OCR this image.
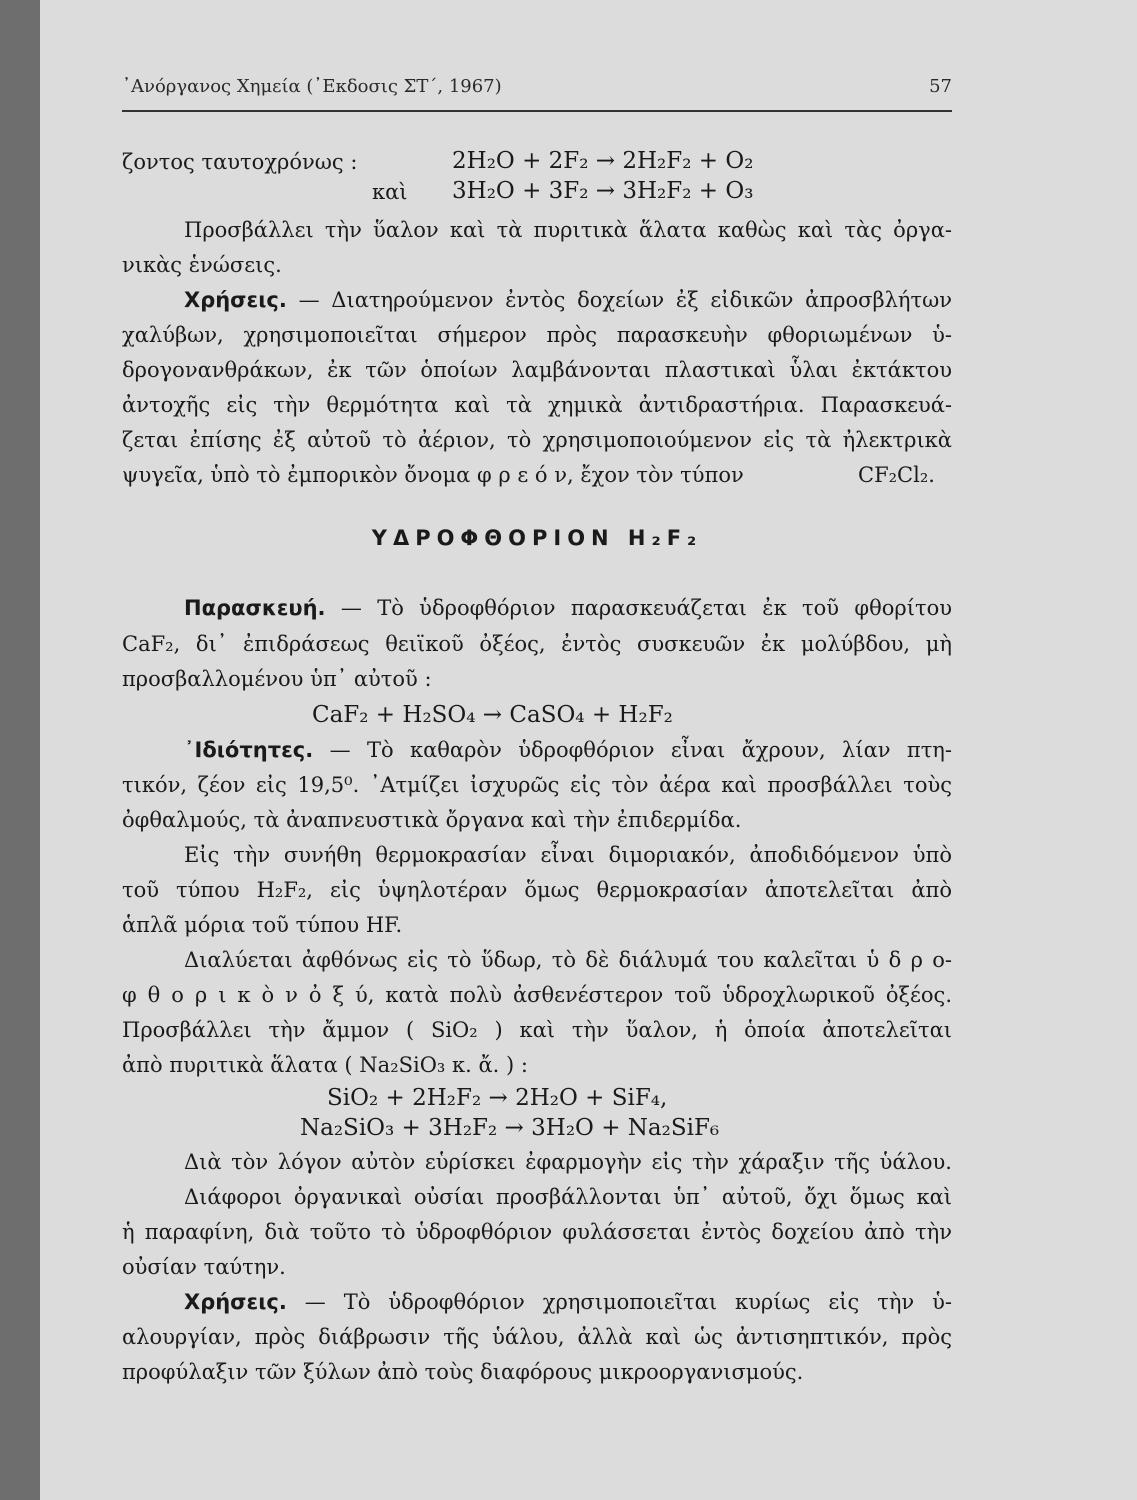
᾽Ανόργανος Χημεία (᾽Εκδοσις ΣΤ΄, 1967)	57
ζοντος ταυτοχρόνως :	2H₂O + 2F₂ → 2H₂F₂ + O₂
καὶ 3H₂O + 3F₂ → 3H₂F₂ + O₃
Προσβάλλει τὴν ὕαλον καὶ τὰ πυριτικὰ ἅλατα καθὼς καὶ τὰς ὀργα-
νικὰς ἑνώσεις.
Χρήσεις. — Διατηρούμενον ἐντὸς δοχείων ἐξ εἰδικῶν ἀπροσβλήτων
χαλύβων, χρησιμοποιεῖται σήμερον πρὸς παρασκευὴν φθοριωμένων ὑ-
δρογονανθράκων, ἐκ τῶν ὁποίων λαμβάνονται πλαστικαὶ ὗλαι ἐκτάκτου
ἀντοχῆς εἰς τὴν θερμότητα καὶ τὰ χημικὰ ἀντιδραστήρια. Παρασκευά-
ζεται ἐπίσης ἐξ αὐτοῦ τὸ ἀέριον, τὸ χρησιμοποιούμενον εἰς τὰ ἠλεκτρικὰ
ψυγεῖα, ὑπὸ τὸ ἐμπορικὸν ὄνομα φ ρ ε ό ν, ἔχον τὸν τύπον	CF₂Cl₂.
ΥΔΡΟΦΘΟΡΙΟΝ H₂F₂
Παρασκευή. — Τὸ ὑδροφθόριον παρασκευάζεται ἐκ τοῦ φθορίτου
CaF₂, δι᾽ ἐπιδράσεως θειϊκοῦ ὀξέος, ἐντὸς συσκευῶν ἐκ μολύβδου, μὴ
προσβαλλομένου ὑπ᾽ αὐτοῦ :
CaF₂ + H₂SO₄ → CaSO₄ + H₂F₂
᾽Ιδιότητες. — Τὸ καθαρὸν ὑδροφθόριον εἶναι ἄχρουν, λίαν πτη-
τικόν, ζέον εἰς 19,5⁰. ᾽Ατμίζει ἰσχυρῶς εἰς τὸν ἀέρα καὶ προσβάλλει τοὺς
ὀφθαλμούς, τὰ ἀναπνευστικὰ ὄργανα καὶ τὴν ἐπιδερμίδα.
Εἰς τὴν συνήθη θερμοκρασίαν εἶναι διμοριακόν, ἀποδιδόμενον ὑπὸ
τοῦ τύπου H₂F₂, εἰς ὑψηλοτέραν ὅμως θερμοκρασίαν ἀποτελεῖται ἀπὸ
ἁπλᾶ μόρια τοῦ τύπου HF.
Διαλύεται ἀφθόνως εἰς τὸ ὕδωρ, τὸ δὲ διάλυμά του καλεῖται ὑ δ ρ ο-
φ θ ο ρ ι κ ὸ ν ὀ ξ ύ, κατὰ πολὺ ἀσθενέστερον τοῦ ὑδροχλωρικοῦ ὀξέος.
Προσβάλλει τὴν ἄμμον ( SiO₂ ) καὶ τὴν ὕαλον, ἡ ὁποία ἀποτελεῖται
ἀπὸ πυριτικὰ ἅλατα ( Na₂SiO₃ κ. ἄ. ) :
SiO₂ + 2H₂F₂ → 2H₂O + SiF₄,
Na₂SiO₃ + 3H₂F₂ → 3H₂O + Na₂SiF₆
Διὰ τὸν λόγον αὐτὸν εὑρίσκει ἐφαρμογὴν εἰς τὴν χάραξιν τῆς ὑάλου.
Διάφοροι ὀργανικαὶ οὐσίαι προσβάλλονται ὑπ᾽ αὐτοῦ, ὄχι ὅμως καὶ
ἡ παραφίνη, διὰ τοῦτο τὸ ὑδροφθόριον φυλάσσεται ἐντὸς δοχείου ἀπὸ τὴν
οὐσίαν ταύτην.
Χρήσεις. — Τὸ ὑδροφθόριον χρησιμοποιεῖται κυρίως εἰς τὴν ὑ-
αλουργίαν, πρὸς διάβρωσιν τῆς ὑάλου, ἀλλὰ καὶ ὡς ἀντισηπτικόν, πρὸς
προφύλαξιν τῶν ξύλων ἀπὸ τοὺς διαφόρους μικροοργανισμούς.
